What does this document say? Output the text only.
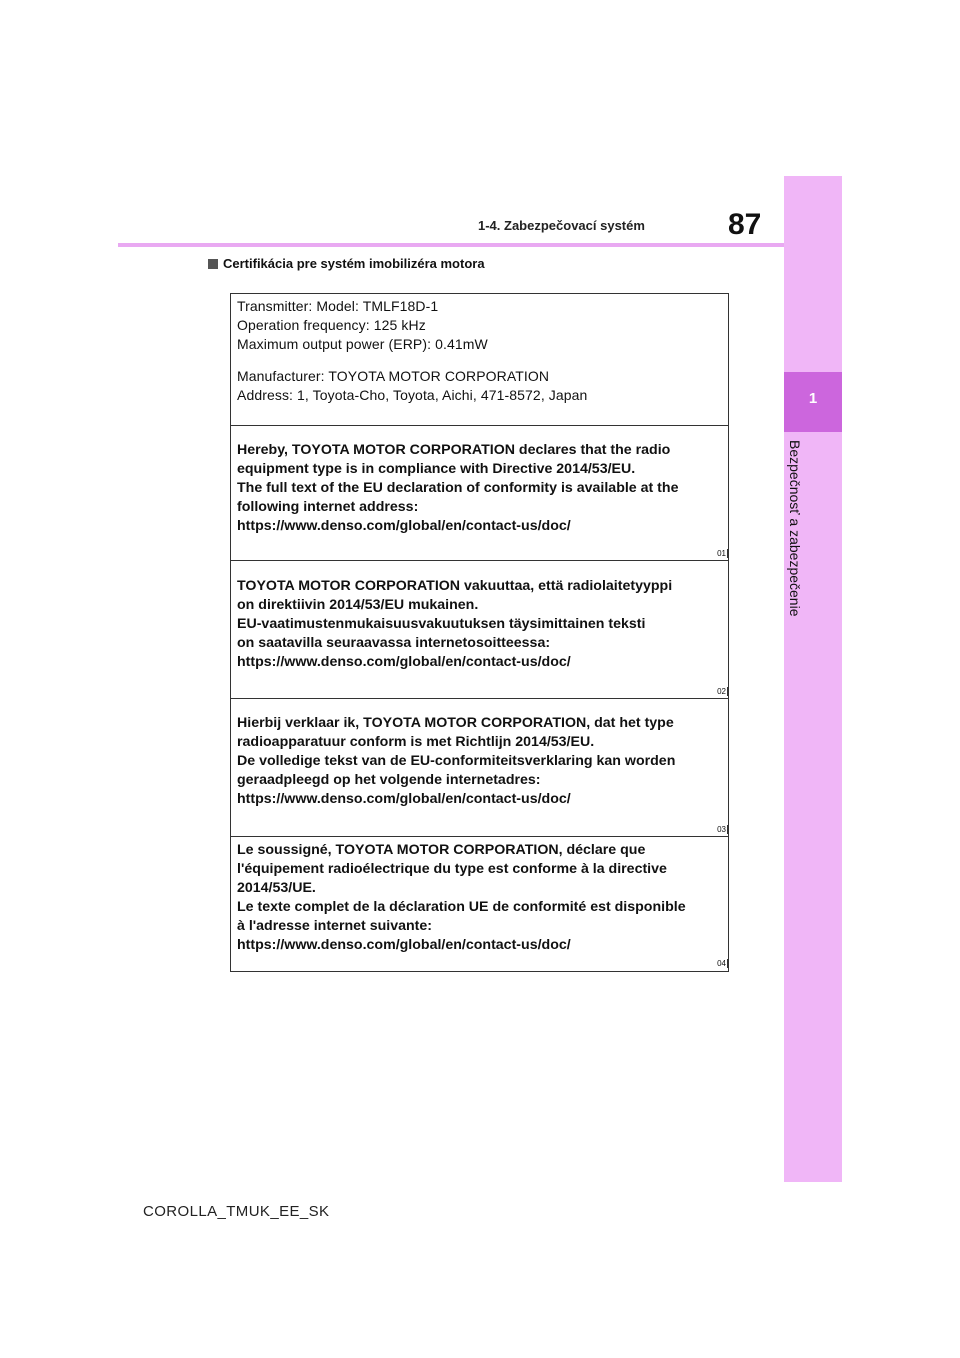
1
Bezpečnosť a zabezpečenie
1-4. Zabezpečovací systém	87
Certifikácia pre systém imobilizéra motora
Transmitter: Model: TMLF18D-1
Operation frequency: 125 kHz
Maximum output power (ERP): 0.41mW
Manufacturer: TOYOTA MOTOR CORPORATION
Address: 1, Toyota-Cho, Toyota, Aichi, 471-8572, Japan
Hereby, TOYOTA MOTOR CORPORATION declares that the radio
equipment type is in compliance with Directive 2014/53/EU.
The full text of the EU declaration of conformity is available at the
following internet address:
https://www.denso.com/global/en/contact-us/doc/
01
TOYOTA MOTOR CORPORATION vakuuttaa, että radiolaitetyyppi
on direktiivin 2014/53/EU mukainen.
EU-vaatimustenmukaisuusvakuutuksen täysimittainen teksti
on saatavilla seuraavassa internetosoitteessa:
https://www.denso.com/global/en/contact-us/doc/
02
Hierbij verklaar ik, TOYOTA MOTOR CORPORATION, dat het type
radioapparatuur conform is met Richtlijn 2014/53/EU.
De volledige tekst van de EU-conformiteitsverklaring kan worden
geraadpleegd op het volgende internetadres:
https://www.denso.com/global/en/contact-us/doc/
03
Le soussigné, TOYOTA MOTOR CORPORATION, déclare que
l'équipement radioélectrique du type est conforme à la directive
2014/53/UE.
Le texte complet de la déclaration UE de conformité est disponible
à l'adresse internet suivante:
https://www.denso.com/global/en/contact-us/doc/
04
COROLLA_TMUK_EE_SK
